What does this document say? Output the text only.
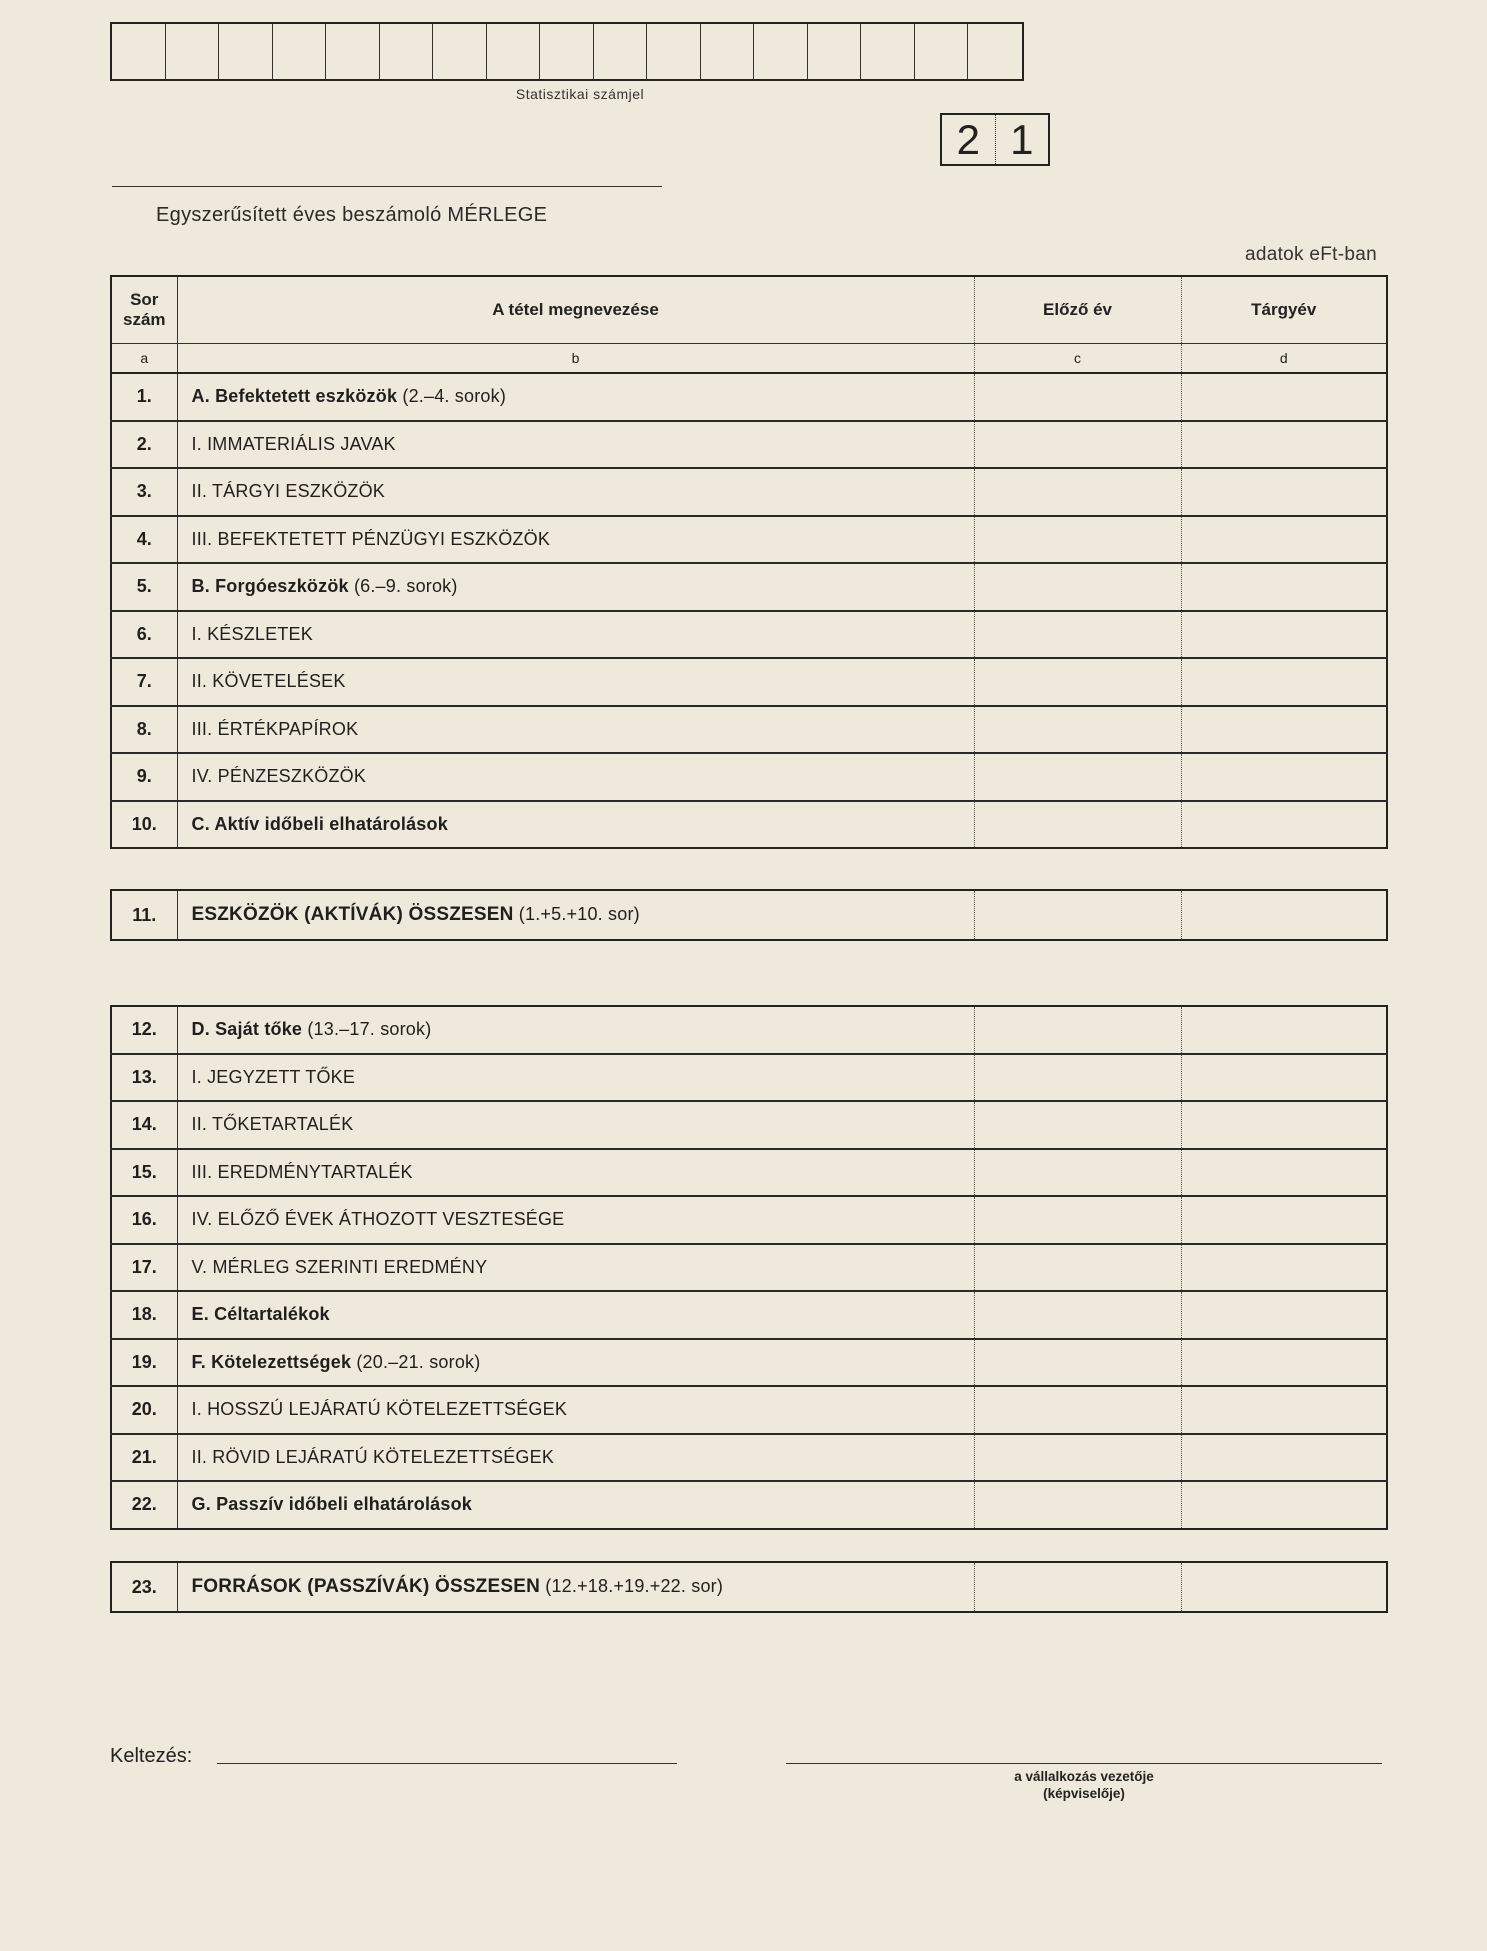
Statisztikai számjel
2 1
Egyszerűsített éves beszámoló MÉRLEGE
adatok eFt-ban
Sor
szám	A tétel megnevezése	Előző év	Tárgyév
a	b	c	d
1.	A. Befektetett eszközök (2.–4. sorok)		
2.	I. IMMATERIÁLIS JAVAK		
3.	II. TÁRGYI ESZKÖZÖK		
4.	III. BEFEKTETETT PÉNZÜGYI ESZKÖZÖK		
5.	B. Forgóeszközök (6.–9. sorok)		
6.	I. KÉSZLETEK		
7.	II. KÖVETELÉSEK		
8.	III. ÉRTÉKPAPÍROK		
9.	IV. PÉNZESZKÖZÖK		
10.	C. Aktív időbeli elhatárolások		
11.	ESZKÖZÖK (AKTÍVÁK) ÖSSZESEN (1.+5.+10. sor)		
12.	D. Saját tőke (13.–17. sorok)		
13.	I. JEGYZETT TŐKE		
14.	II. TŐKETARTALÉK		
15.	III. EREDMÉNYTARTALÉK		
16.	IV. ELŐZŐ ÉVEK ÁTHOZOTT VESZTESÉGE		
17.	V. MÉRLEG SZERINTI EREDMÉNY		
18.	E. Céltartalékok		
19.	F. Kötelezettségek (20.–21. sorok)		
20.	I. HOSSZÚ LEJÁRATÚ KÖTELEZETTSÉGEK		
21.	II. RÖVID LEJÁRATÚ KÖTELEZETTSÉGEK		
22.	G. Passzív időbeli elhatárolások		
23.	FORRÁSOK (PASSZÍVÁK) ÖSSZESEN (12.+18.+19.+22. sor)		
Keltezés:
a vállalkozás vezetője
(képviselője)
